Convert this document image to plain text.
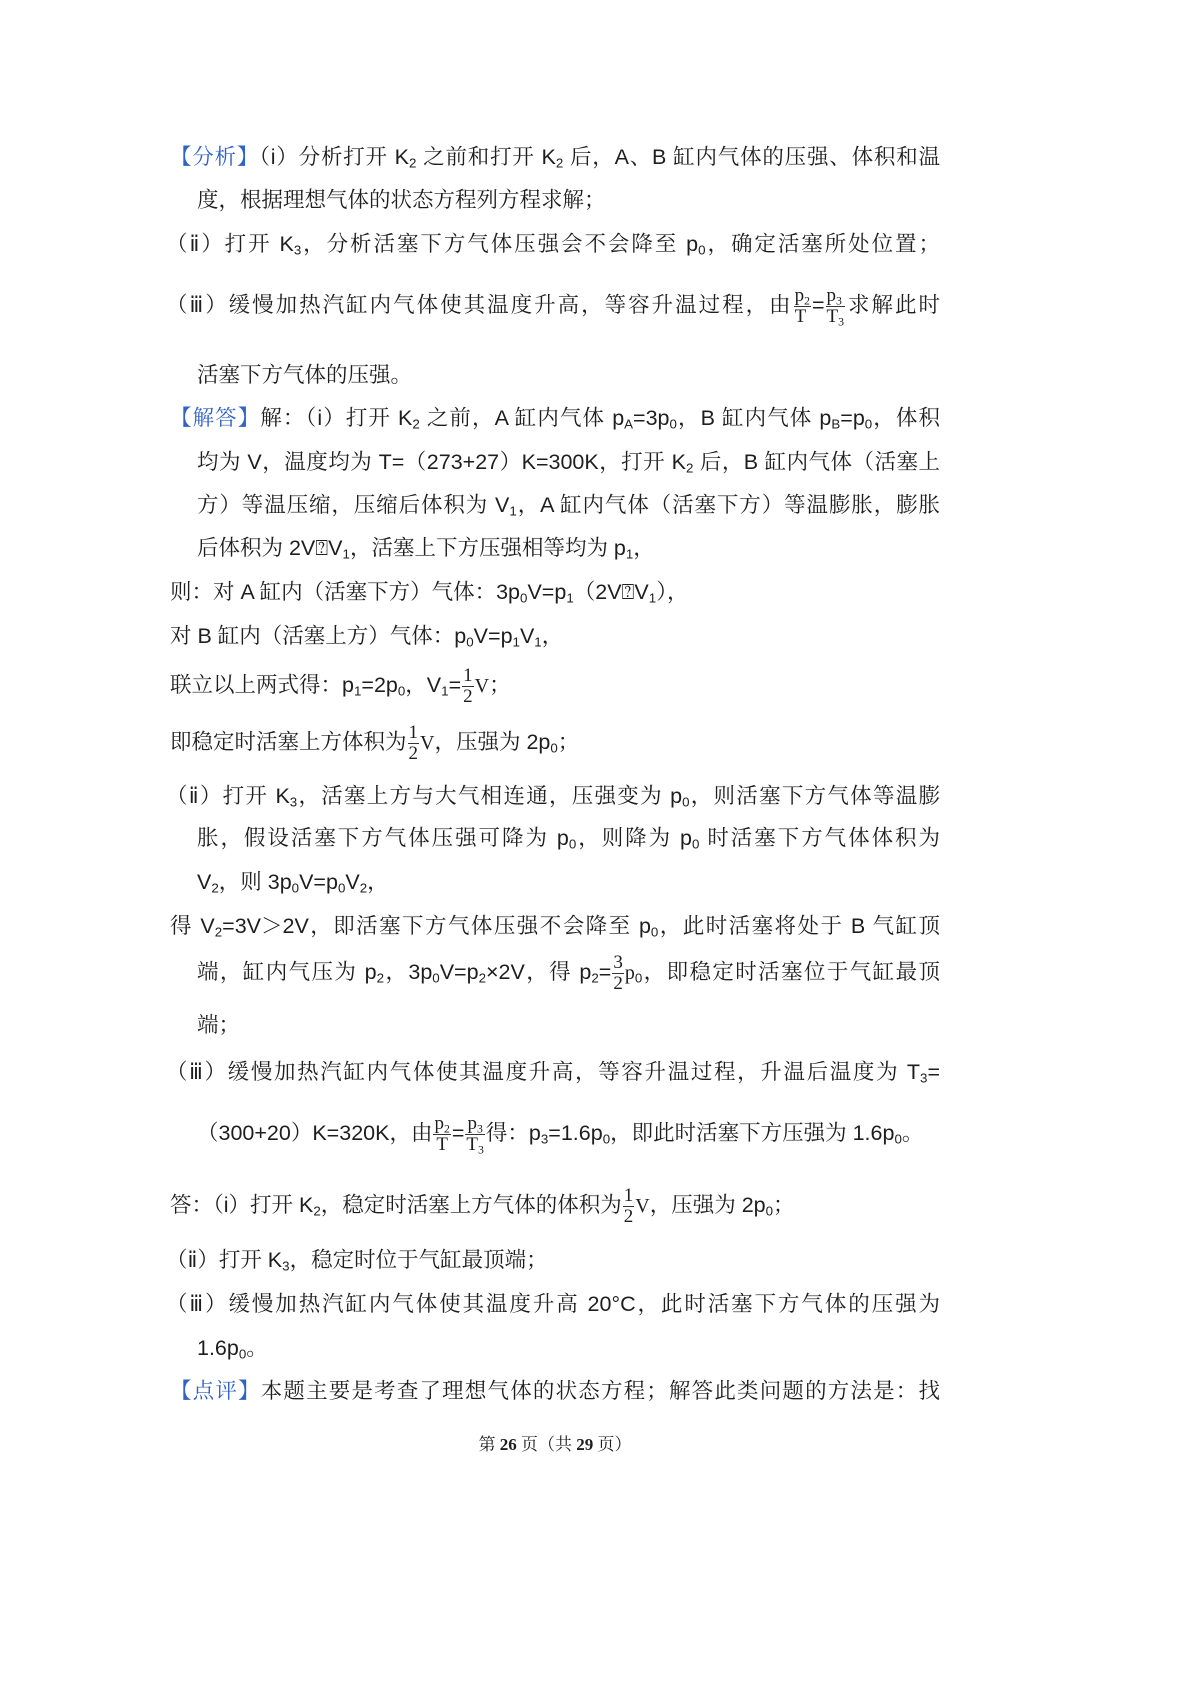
【分析】（i）分析打开 $K_2$ 之前和打开 $K_2$ 后，A、B 缸内气体的压强、体积和温
度，根据理想气体的状态方程列方程求解；
（ⅱ）打开 $K_3$，分析活塞下方气体压强会不会降至 $p_0$，确定活塞所处位置；
（ⅲ）缓慢加热汽缸内气体使其温度升高，等容升温过程，由 $\frac{p_2}{T} = \frac{p_3}{T_3}$ 求解此时
活塞下方气体的压强。
【解答】解：（i）打开 $K_2$ 之前，A 缸内气体 $p_A=3p_0$，B 缸内气体 $p_B=p_0$，体积
均为 V，温度均为 T=（273+27）K=300K，打开 $K_2$ 后，B 缸内气体（活塞上
方）等温压缩，压缩后体积为 $V_1$，A 缸内气体（活塞下方）等温膨胀，膨胀
后体积为 $2V⍰V_1$，活塞上下方压强相等均为 $p_1$，
则：对 A 缸内（活塞下方）气体：$3p_0V=p_1(2V⍰V_1)$，
对 B 缸内（活塞上方）气体：$p_0V=p_1V_1$，
联立以上两式得：$p_1=2p_0$，$V_1= \frac{1}{2}$ V；
即稳定时活塞上方体积为 $\frac{1}{2}$ V，压强为 $2p_0$；
（ⅱ）打开 $K_3$，活塞上方与大气相连通，压强变为 $p_0$，则活塞下方气体等温膨
胀，假设活塞下方气体压强可降为 $p_0$，则降为 $p_0$ 时活塞下方气体体积为
$V_2$，则 $3p_0V=p_0V_2$，
得 $V_2=3V>2V$，即活塞下方气体压强不会降至 $p_0$，此时活塞将处于 B 气缸顶
端，缸内气压为 $p_2$，$3p_0V=p_2\times 2V$，得 $p_2= \frac{3}{2} p_0$，即稳定时活塞位于气缸最顶
端；
（ⅲ）缓慢加热汽缸内气体使其温度升高，等容升温过程，升温后温度为 $T_3=$
（300+20）K=320K，由 $\frac{p_2}{T} = \frac{p_3}{T_3}$ 得：$p_3=1.6p_0$，即此时活塞下方压强为 $1.6p_0$。
答：（i）打开 $K_2$，稳定时活塞上方气体的体积为 $\frac{1}{2}$ V，压强为 $2p_0$；
（ⅱ）打开 $K_3$，稳定时位于气缸最顶端；
（ⅲ）缓慢加热汽缸内气体使其温度升高 20°C，此时活塞下方气体的压强为
$1.6p_0$。
【点评】本题主要是考查了理想气体的状态方程；解答此类问题的方法是：找
第 26 页（共 29 页）
